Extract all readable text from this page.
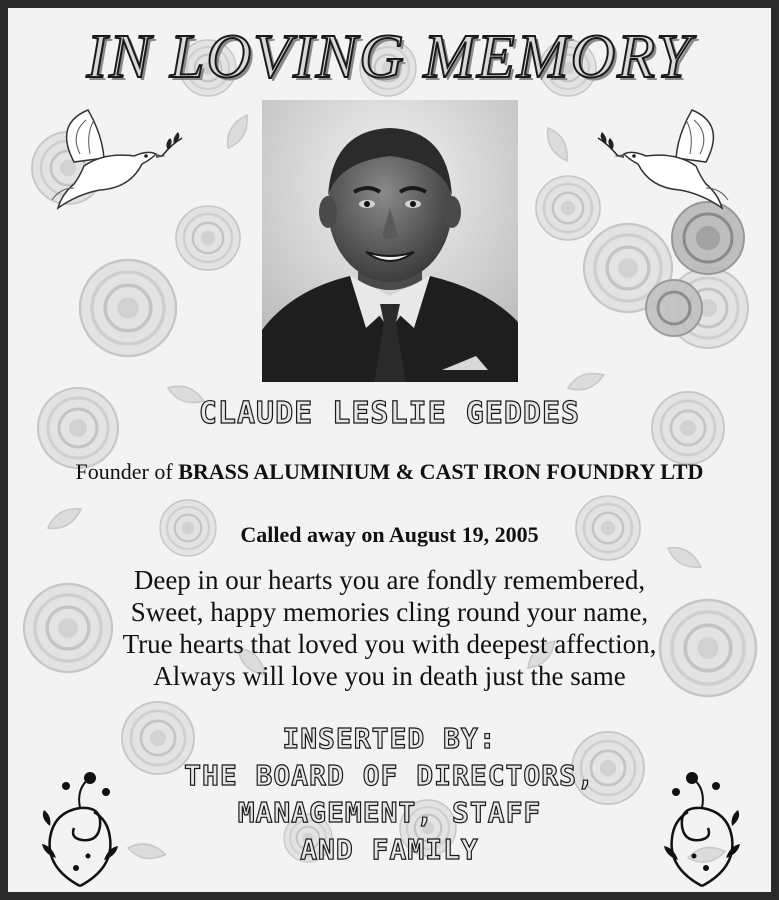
IN LOVING MEMORY
CLAUDE LESLIE GEDDES
Founder of BRASS ALUMINIUM & CAST IRON FOUNDRY LTD
Called away on August 19, 2005
Deep in our hearts you are fondly remembered,
Sweet, happy memories cling round your name,
True hearts that loved you with deepest affection,
Always will love you in death just the same
INSERTED BY:
THE BOARD OF DIRECTORS,
MANAGEMENT, STAFF
AND FAMILY
